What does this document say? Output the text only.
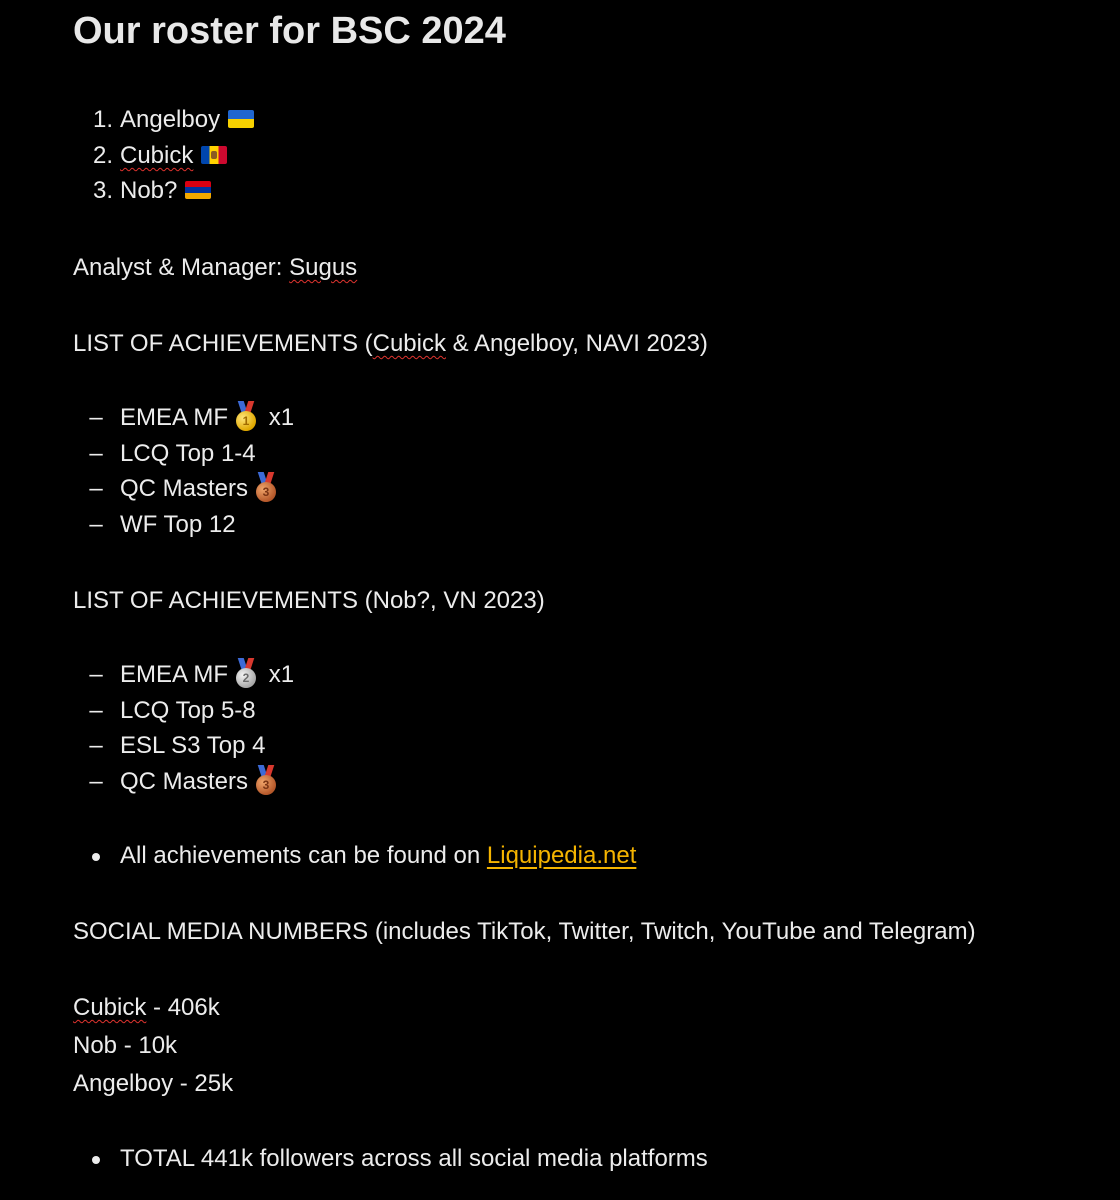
Our roster for BSC 2024
1. Angelboy
2. Cubick
3. Nob?
Analyst & Manager: Sugus
LIST OF ACHIEVEMENTS (Cubick & Angelboy, NAVI 2023)
– EMEA MF	1 x1
– LCQ Top 1-4
– QC Masters	3
– WF Top 12
LIST OF ACHIEVEMENTS (Nob?, VN 2023)
– EMEA MF	2 x1
– LCQ Top 5-8
– ESL S3 Top 4
– QC Masters	3
All achievements can be found on Liquipedia.net
SOCIAL MEDIA NUMBERS (includes TikTok, Twitter, Twitch, YouTube and Telegram)
Cubick - 406k
Nob - 10k
Angelboy - 25k
TOTAL 441k followers across all social media platforms
